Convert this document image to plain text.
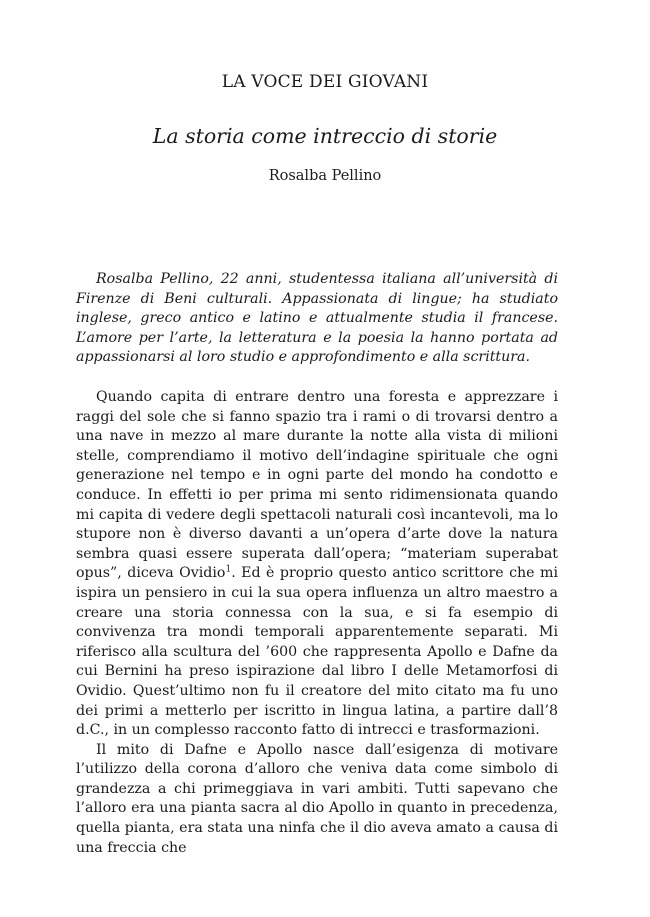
LA VOCE DEI GIOVANI
La storia come intreccio di storie
Rosalba Pellino

Rosalba Pellino, 22 anni, studentessa italiana all’università di Firenze di Beni culturali. Appassionata di lingue; ha studiato inglese, greco antico e latino e attualmente studia il francese. L’amore per l’arte, la letteratura e la poesia la hanno portata ad appassionarsi al loro studio e approfondimento e alla scrittura.

Quando capita di entrare dentro una foresta e apprezzare i raggi del sole che si fanno spazio tra i rami o di trovarsi dentro a una nave in mezzo al mare durante la notte alla vista di milioni stelle, comprendiamo il motivo dell’indagine spirituale che ogni generazione nel tempo e in ogni parte del mondo ha condotto e conduce. In effetti io per prima mi sento ridimensionata quando mi capita di vedere degli spettacoli naturali così incantevoli, ma lo stupore non è diverso davanti a un’opera d’arte dove la natura sembra quasi essere superata dall’opera; “materiam superabat opus”, diceva Ovidio$^1$. Ed è proprio questo antico scrittore che mi ispira un pensiero in cui la sua opera influenza un altro maestro a creare una storia connessa con la sua, e si fa esempio di convivenza tra mondi temporali apparentemente separati. Mi riferisco alla scultura del ’600 che rappresenta Apollo e Dafne da cui Bernini ha preso ispirazione dal libro I delle Metamorfosi di Ovidio. Quest’ultimo non fu il creatore del mito citato ma fu uno dei primi a metterlo per iscritto in lingua latina, a partire dall’8 d.C., in un complesso racconto fatto di intrecci e trasformazioni.

Il mito di Dafne e Apollo nasce dall’esigenza di motivare l’utilizzo della corona d’alloro che veniva data come simbolo di grandezza a chi primeggiava in vari ambiti. Tutti sapevano che l’alloro era una pianta sacra al dio Apollo in quanto in precedenza, quella pianta, era stata una ninfa che il dio aveva amato a causa di una freccia che
